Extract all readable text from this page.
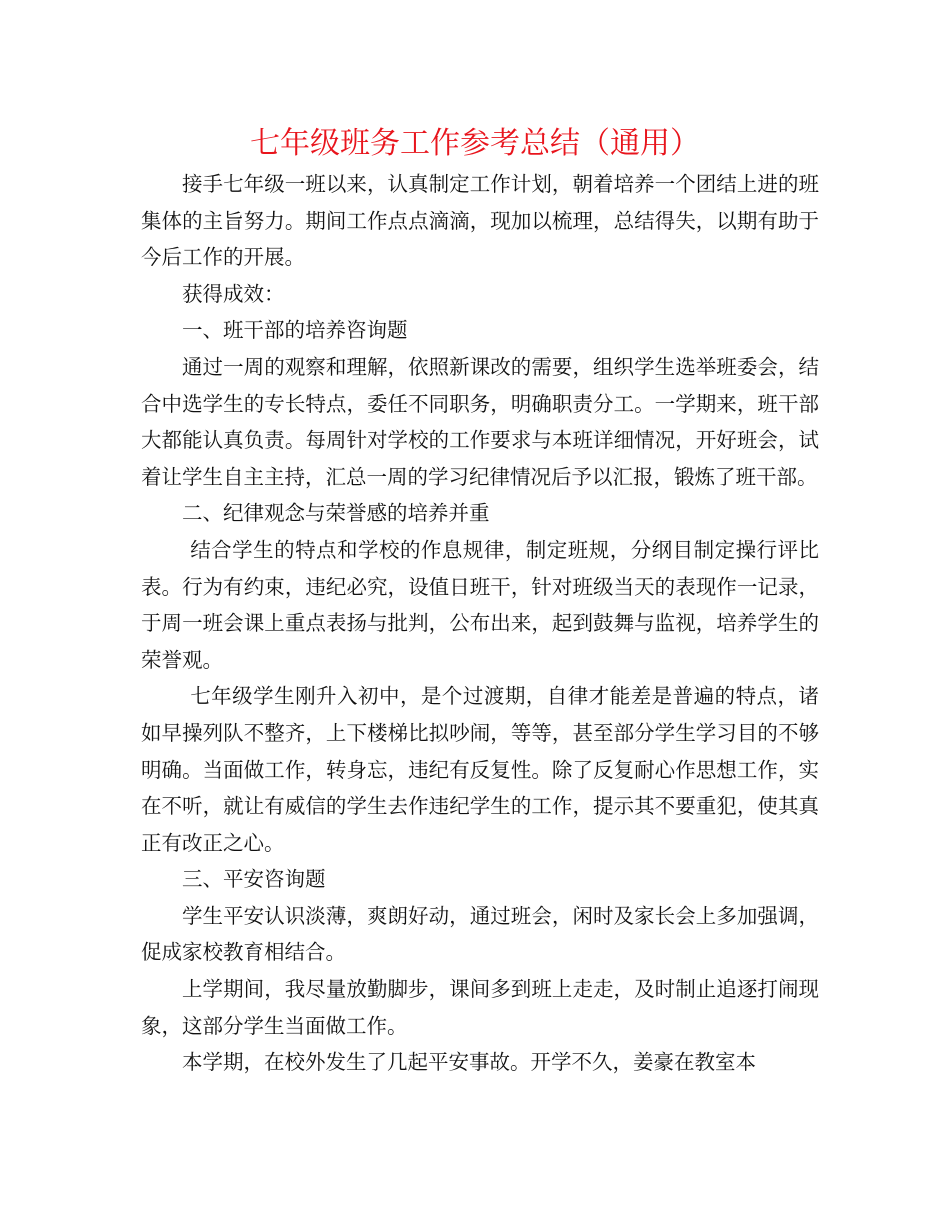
七年级班务工作参考总结（通用）

接手七年级一班以来，认真制定工作计划，朝着培养一个团结上进的班集体的主旨努力。期间工作点点滴滴，现加以梳理，总结得失，以期有助于今后工作的开展。

获得成效：

一、班干部的培养咨询题

通过一周的观察和理解，依照新课改的需要，组织学生选举班委会，结合中选学生的专长特点，委任不同职务，明确职责分工。一学期来，班干部大都能认真负责。每周针对学校的工作要求与本班详细情况，开好班会，试着让学生自主主持，汇总一周的学习纪律情况后予以汇报，锻炼了班干部。

二、纪律观念与荣誉感的培养并重

结合学生的特点和学校的作息规律，制定班规，分纲目制定操行评比表。行为有约束，违纪必究，设值日班干，针对班级当天的表现作一记录，于周一班会课上重点表扬与批判，公布出来，起到鼓舞与监视，培养学生的荣誉观。

七年级学生刚升入初中，是个过渡期，自律才能差是普遍的特点，诸如早操列队不整齐，上下楼梯比拟吵闹，等等，甚至部分学生学习目的不够明确。当面做工作，转身忘，违纪有反复性。除了反复耐心作思想工作，实在不听，就让有威信的学生去作违纪学生的工作，提示其不要重犯，使其真正有改正之心。

三、平安咨询题

学生平安认识淡薄，爽朗好动，通过班会，闲时及家长会上多加强调，促成家校教育相结合。

上学期间，我尽量放勤脚步，课间多到班上走走，及时制止追逐打闹现象，这部分学生当面做工作。

本学期，在校外发生了几起平安事故。开学不久，姜豪在教室本
